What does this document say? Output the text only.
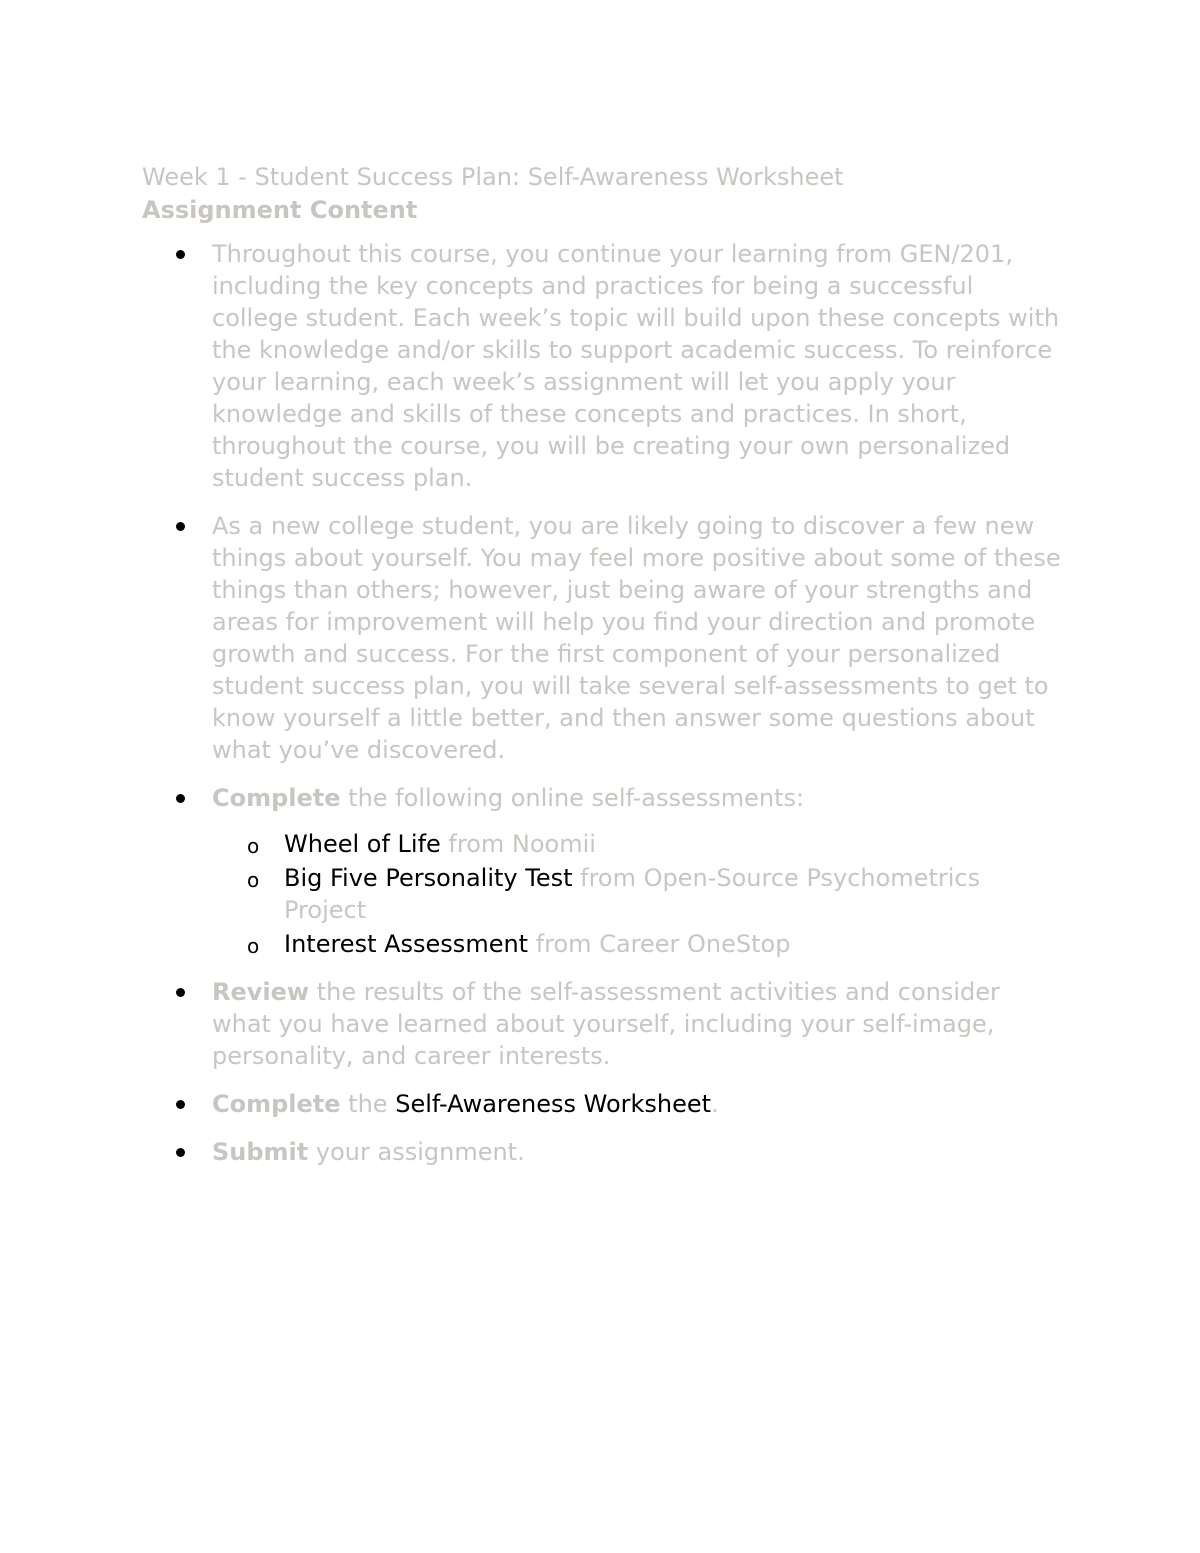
Week 1 - Student Success Plan: Self-Awareness Worksheet
Assignment Content
Throughout this course, you continue your learning from GEN/201, including the key concepts and practices for being a successful college student. Each week’s topic will build upon these concepts with the knowledge and/or skills to support academic success. To reinforce your learning, each week’s assignment will let you apply your knowledge and skills of these concepts and practices. In short, throughout the course, you will be creating your own personalized student success plan.
As a new college student, you are likely going to discover a few new things about yourself. You may feel more positive about some of these things than others; however, just being aware of your strengths and areas for improvement will help you find your direction and promote growth and success. For the first component of your personalized student success plan, you will take several self-assessments to get to know yourself a little better, and then answer some questions about what you’ve discovered.
Complete the following online self-assessments:
o Wheel of Life from Noomii
o Big Five Personality Test from Open-Source Psychometrics Project
o Interest Assessment from Career OneStop
Review the results of the self-assessment activities and consider what you have learned about yourself, including your self-image, personality, and career interests.
Complete the Self-Awareness Worksheet.
Submit your assignment.
